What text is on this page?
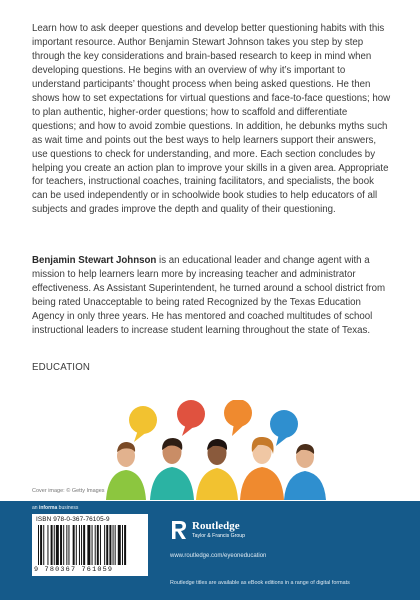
Learn how to ask deeper questions and develop better questioning habits with this important resource. Author Benjamin Stewart Johnson takes you step by step through the key considerations and brain-based research to keep in mind when developing questions. He begins with an overview of why it’s important to understand participants’ thought process when being asked questions. He then shows how to set expectations for virtual questions and face-to-face questions; how to plan authentic, higher-order questions; how to scaffold and differentiate questions; and how to avoid zombie questions. In addition, he debunks myths such as wait time and points out the best ways to help learners support their answers, use questions to check for understanding, and more. Each section concludes by helping you create an action plan to improve your skills in a given area. Appropriate for teachers, instructional coaches, training facilitators, and specialists, the book can be used independently or in schoolwide book studies to help educators of all subjects and grades improve the depth and quality of their questioning.

Benjamin Stewart Johnson is an educational leader and change agent with a mission to help learners learn more by increasing teacher and administrator effectiveness. As Assistant Superintendent, he turned around a school district from being rated Unacceptable to being rated Recognized by the Texas Education Agency in only three years. He has mentored and coached multitudes of school instructional leaders to increase student learning throughout the state of Texas.

EDUCATION
Cover image: © Getty Images
an informa business
ISBN 978-0-367-76105-9
9 780367 761059
Routledge
Taylor & Francis Group
www.routledge.com/eyeoneducation
Routledge titles are available as eBook editions in a range of digital formats
